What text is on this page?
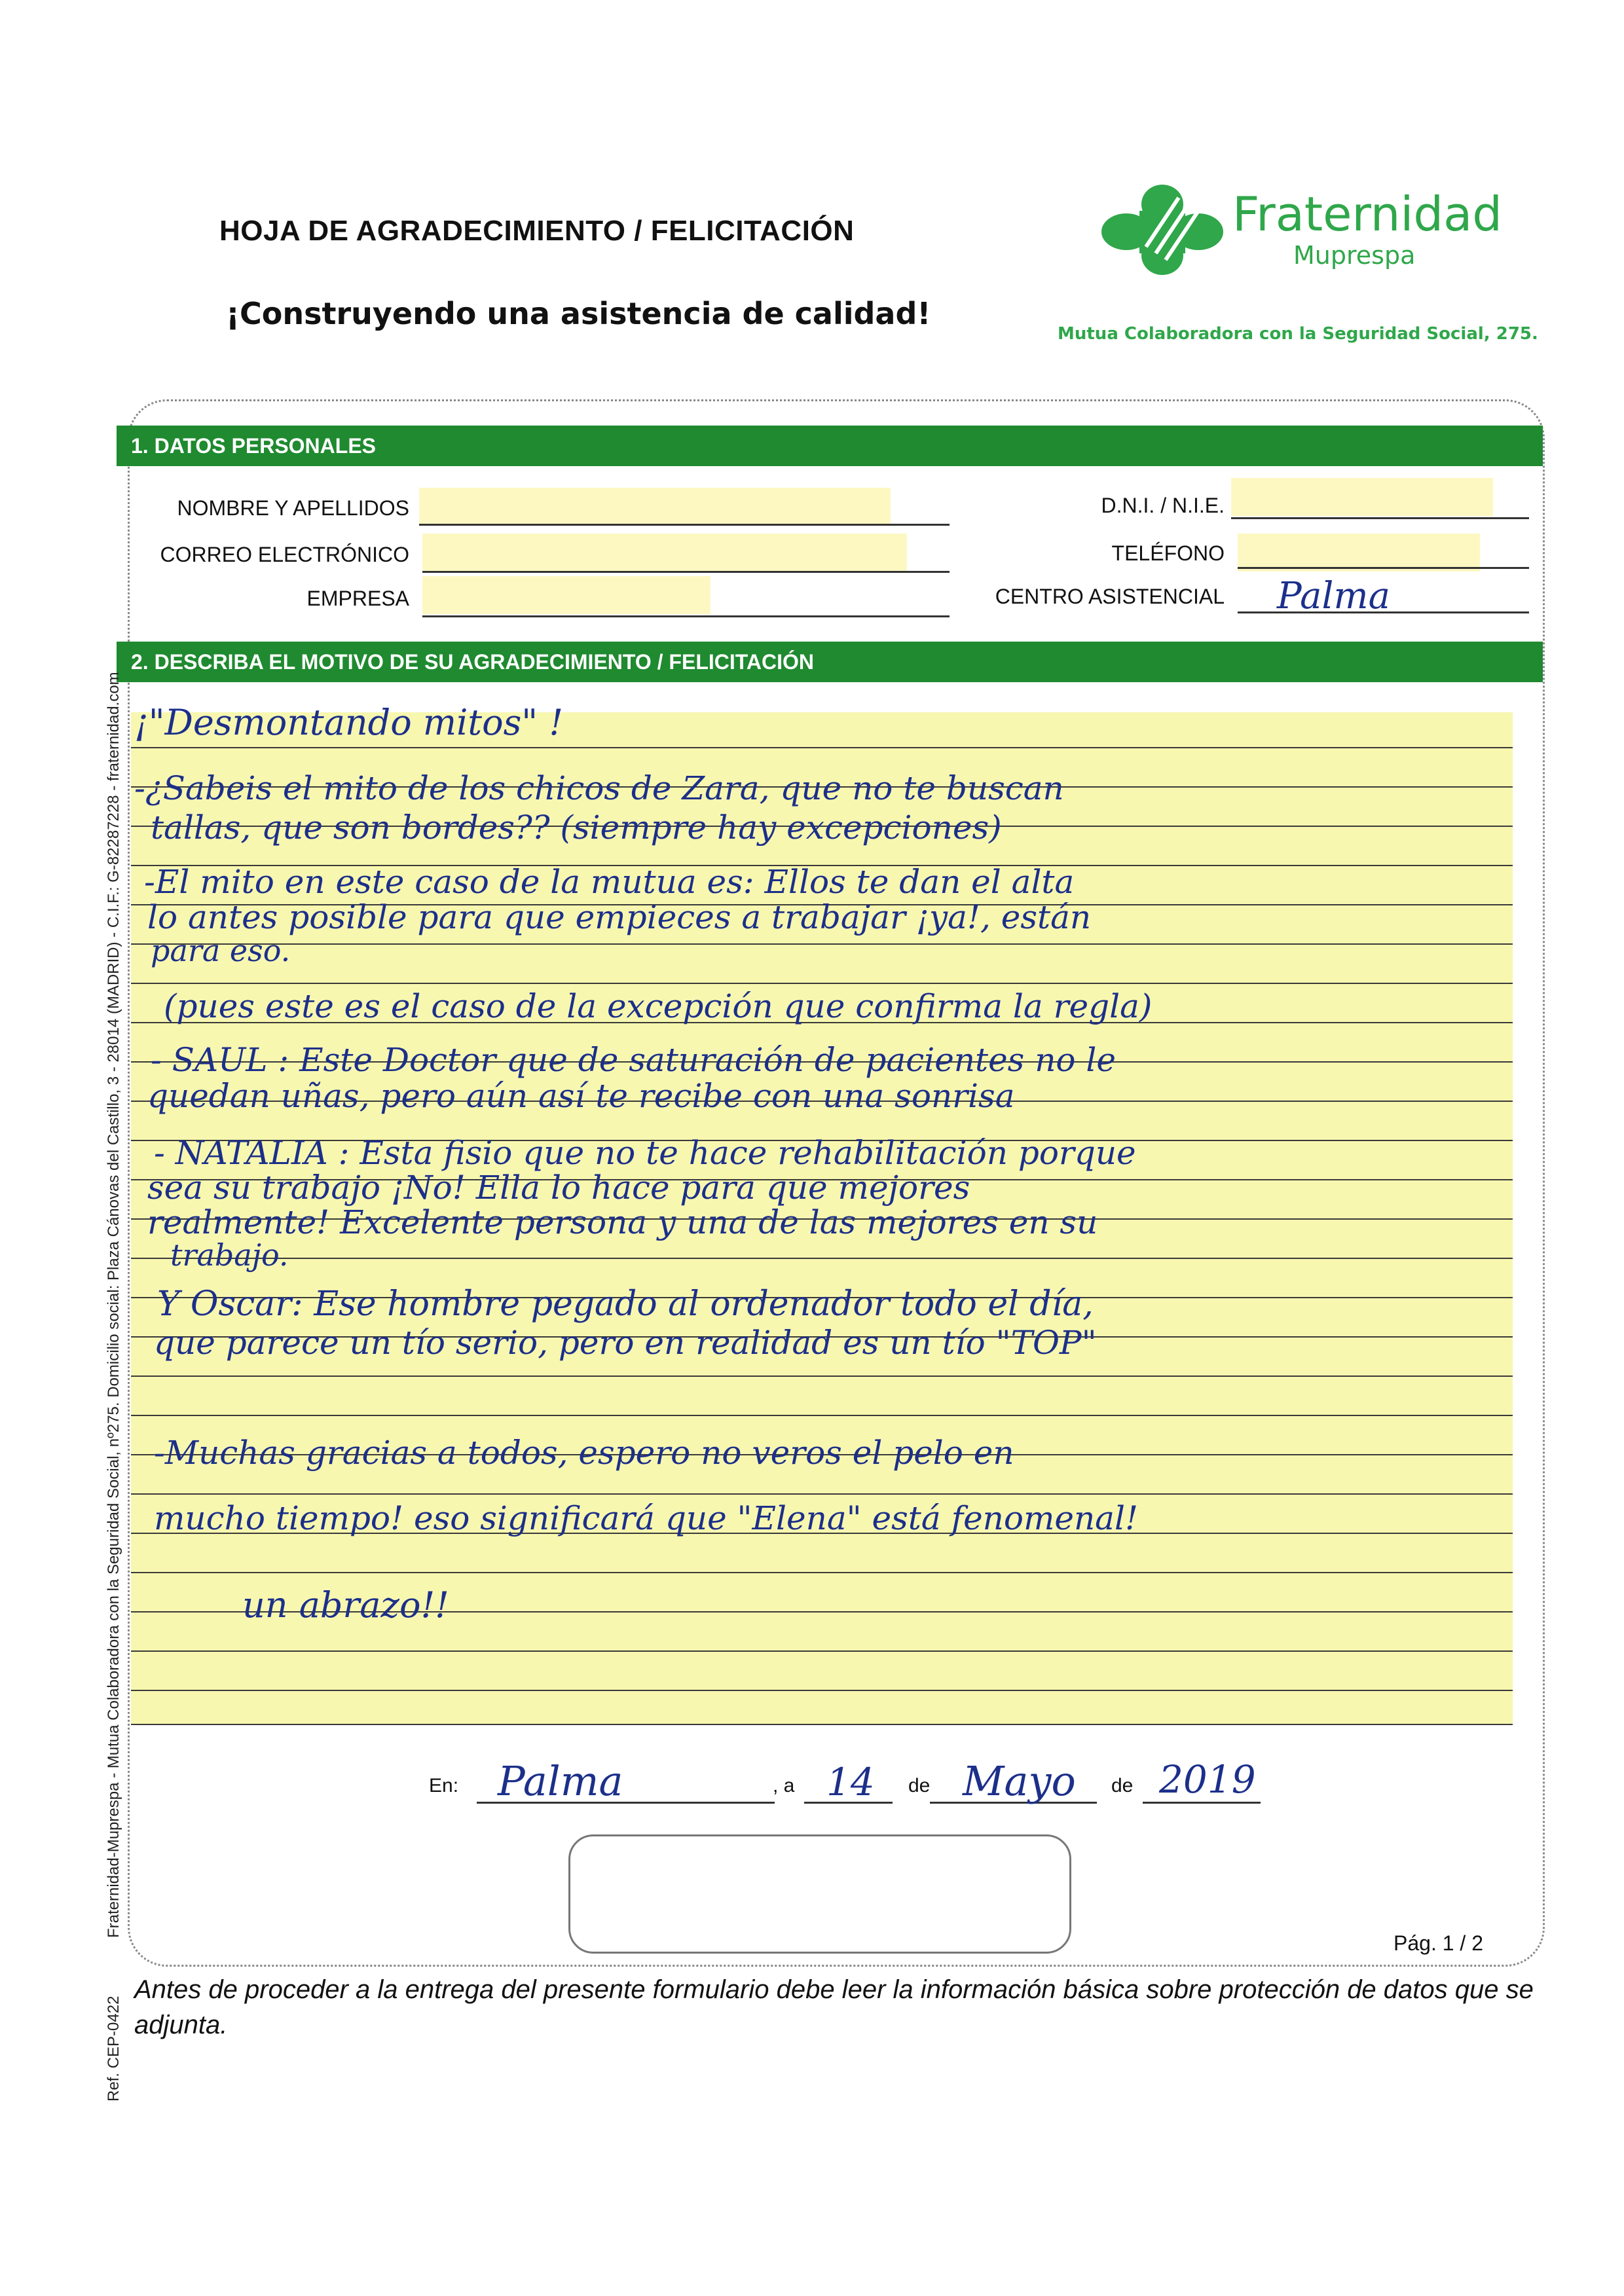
HOJA DE AGRADECIMIENTO / FELICITACIÓN
¡Construyendo una asistencia de calidad!
Fraternidad
Muprespa
Mutua Colaboradora con la Seguridad Social, 275.
1. DATOS PERSONALES
NOMBRE Y APELLIDOS
CORREO ELECTRÓNICO
EMPRESA
D.N.I. / N.I.E.
TELÉFONO
CENTRO ASISTENCIAL Palma
2. DESCRIBA EL MOTIVO DE SU AGRADECIMIENTO / FELICITACIÓN
¡"Desmontando mitos" !
-¿Sabeis el mito de los chicos de Zara, que no te buscan
tallas, que son bordes?? (siempre hay excepciones)
-El mito en este caso de la mutua es: Ellos te dan el alta
lo antes posible para que empieces a trabajar ¡ya!, están
para eso.
(pues este es el caso de la excepción que confirma la regla)
- SAUL : Este Doctor que de saturación de pacientes no le
quedan uñas, pero aún así te recibe con una sonrisa
- NATALIA : Esta fisio que no te hace rehabilitación porque
sea su trabajo ¡No! Ella lo hace para que mejores
realmente! Excelente persona y una de las mejores en su
trabajo.
Y Oscar: Ese hombre pegado al ordenador todo el día,
que parece un tío serio, pero en realidad es un tío "TOP"
-Muchas gracias a todos, espero no veros el pelo en
mucho tiempo! eso significará que "Elena" está fenomenal!
un abrazo!!
En: Palma	, a 14 de Mayo de 2019
Pág. 1 / 2
Antes de proceder a la entrega del presente formulario debe leer la información básica sobre protección de datos que se adjunta.
Fraternidad-Muprespa - Mutua Colaboradora con la Seguridad Social, nº275. Domicilio social: Plaza Cánovas del Castillo, 3 - 28014 (MADRID) - C.I.F.: G-82287228 - fraternidad.com
Ref. CEP-0422
